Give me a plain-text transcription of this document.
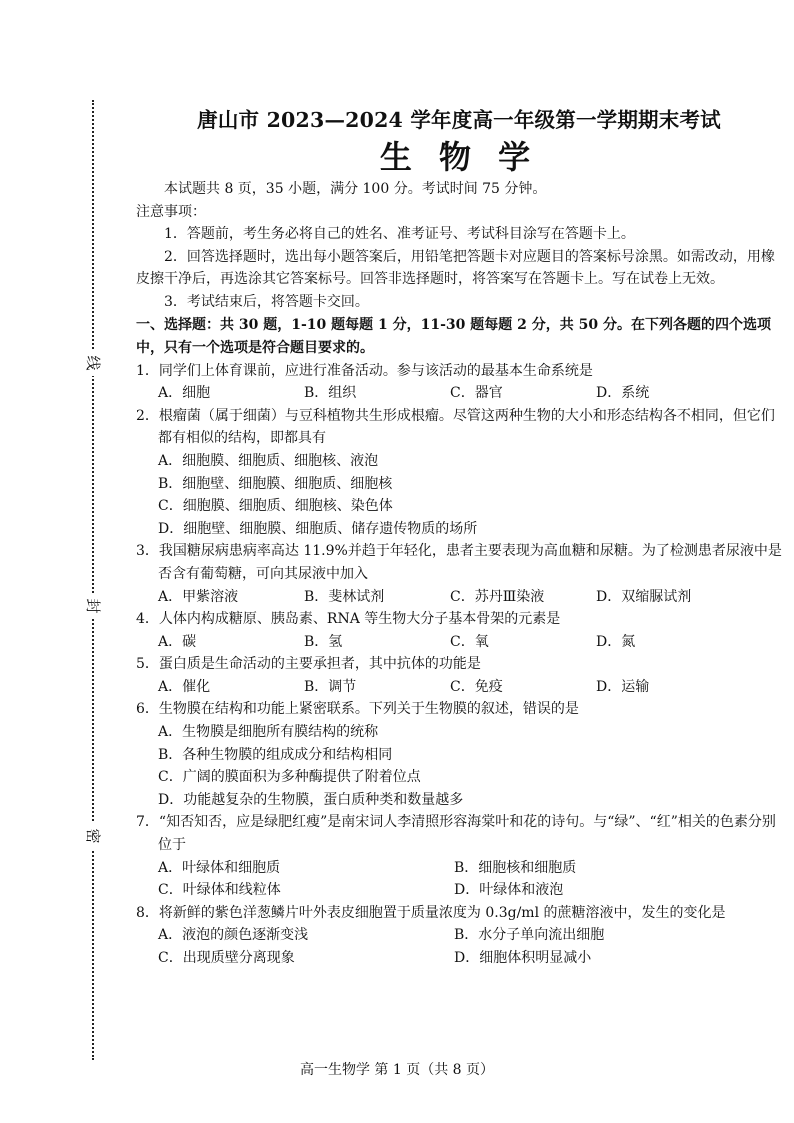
线
封
密
唐山市 2023—2024 学年度高一年级第一学期期末考试
生 物 学

本试题共 8 页，35 小题，满分 100 分。考试时间 75 分钟。

注意事项：

1．答题前，考生务必将自己的姓名、准考证号、考试科目涂写在答题卡上。

2．回答选择题时，选出每小题答案后，用铅笔把答题卡对应题目的答案标号涂黑。如需改动，用橡皮擦干净后，再选涂其它答案标号。回答非选择题时，将答案写在答题卡上。写在试卷上无效。

3．考试结束后，将答题卡交回。

一、选择题：共 30 题，1-10 题每题 1 分，11-30 题每题 2 分，共 50 分。在下列各题的四个选项中，只有一个选项是符合题目要求的。

1．同学们上体育课前，应进行准备活动。参与该活动的最基本生命系统是
A．细胞	B．组织	C．器官	D．系统
2．根瘤菌（属于细菌）与豆科植物共生形成根瘤。尽管这两种生物的大小和形态结构各不相同，但它们都有相似的结构，即都具有
A．细胞膜、细胞质、细胞核、液泡
B．细胞壁、细胞膜、细胞质、细胞核
C．细胞膜、细胞质、细胞核、染色体
D．细胞壁、细胞膜、细胞质、储存遗传物质的场所
3．我国糖尿病患病率高达 11.9%并趋于年轻化，患者主要表现为高血糖和尿糖。为了检测患者尿液中是否含有葡萄糖，可向其尿液中加入
A．甲紫溶液	B．斐林试剂	C．苏丹Ⅲ染液	D．双缩脲试剂
4．人体内构成糖原、胰岛素、RNA 等生物大分子基本骨架的元素是
A．碳	B．氢	C．氧	D．氮
5．蛋白质是生命活动的主要承担者，其中抗体的功能是
A．催化	B．调节	C．免疫	D．运输
6．生物膜在结构和功能上紧密联系。下列关于生物膜的叙述，错误的是
A．生物膜是细胞所有膜结构的统称
B．各种生物膜的组成成分和结构相同
C．广阔的膜面积为多种酶提供了附着位点
D．功能越复杂的生物膜，蛋白质种类和数量越多
7．“知否知否，应是绿肥红瘦”是南宋词人李清照形容海棠叶和花的诗句。与“绿”、“红”相关的色素分别位于
A．叶绿体和细胞质	B．细胞核和细胞质
C．叶绿体和线粒体	D．叶绿体和液泡
8．将新鲜的紫色洋葱鳞片叶外表皮细胞置于质量浓度为 0.3g/ml 的蔗糖溶液中，发生的变化是
A．液泡的颜色逐渐变浅	B．水分子单向流出细胞
C．出现质壁分离现象	D．细胞体积明显减小
高一生物学 第 1 页（共 8 页）
